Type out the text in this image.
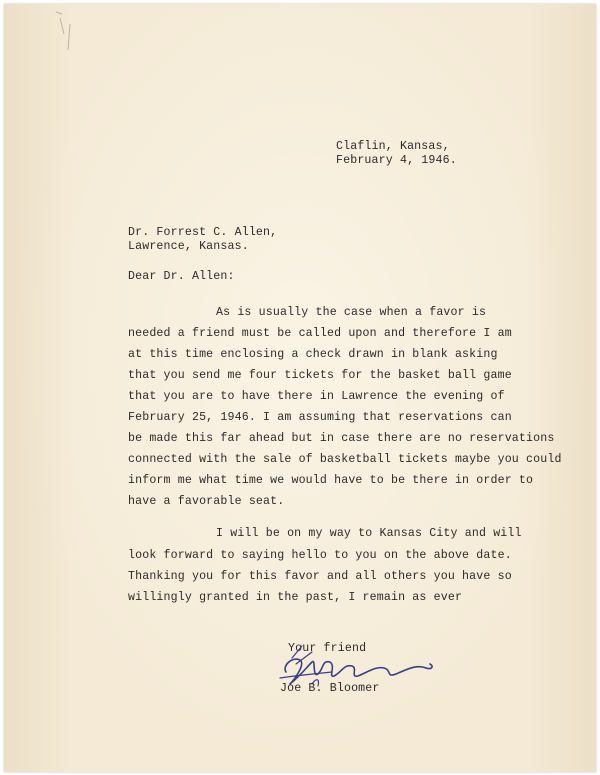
Claflin, Kansas,
February 4, 1946.
Dr. Forrest C. Allen,
Lawrence, Kansas.
Dear Dr. Allen:
As is usually the case when a favor is
needed a friend must be called upon and therefore I am
at this time enclosing a check drawn in blank asking
that you send me four tickets for the basket ball game
that you are to have there in Lawrence the evening of
February 25, 1946. I am assuming that reservations can
be made this far ahead but in case there are no reservations
connected with the sale of basketball tickets maybe you could
inform me what time we would have to be there in order to
have a favorable seat.
I will be on my way to Kansas City and will
look forward to saying hello to you on the above date.
Thanking you for this favor and all others you have so
willingly granted in the past, I remain as ever
Your friend
Joe B. Bloomer
